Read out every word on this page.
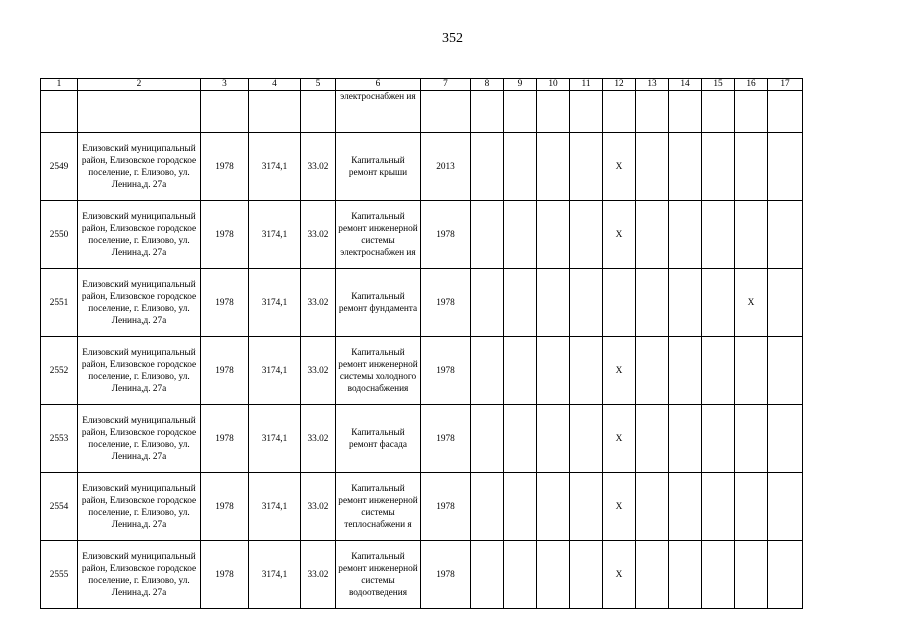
352
1	2	3	4	5	6	7	8	9	10	11	12	13	14	15	16	17
					электроснабжен ия											
2549	Елизовский муниципальный район, Елизовское городское поселение, г. Елизово, ул. Ленина,д. 27а	1978	3174,1	33.02	Капитальный ремонт крыши	2013					X					
2550	Елизовский муниципальный район, Елизовское городское поселение, г. Елизово, ул. Ленина,д. 27а	1978	3174,1	33.02	Капитальный ремонт инженерной системы электроснабжен ия	1978					X					
2551	Елизовский муниципальный район, Елизовское городское поселение, г. Елизово, ул. Ленина,д. 27а	1978	3174,1	33.02	Капитальный ремонт фундамента	1978									X	
2552	Елизовский муниципальный район, Елизовское городское поселение, г. Елизово, ул. Ленина,д. 27а	1978	3174,1	33.02	Капитальный ремонт инженерной системы холодного водоснабжения	1978					X					
2553	Елизовский муниципальный район, Елизовское городское поселение, г. Елизово, ул. Ленина,д. 27а	1978	3174,1	33.02	Капитальный ремонт фасада	1978					X					
2554	Елизовский муниципальный район, Елизовское городское поселение, г. Елизово, ул. Ленина,д. 27а	1978	3174,1	33.02	Капитальный ремонт инженерной системы теплоснабжени я	1978					X					
2555	Елизовский муниципальный район, Елизовское городское поселение, г. Елизово, ул. Ленина,д. 27а	1978	3174,1	33.02	Капитальный ремонт инженерной системы водоотведения	1978					X					
